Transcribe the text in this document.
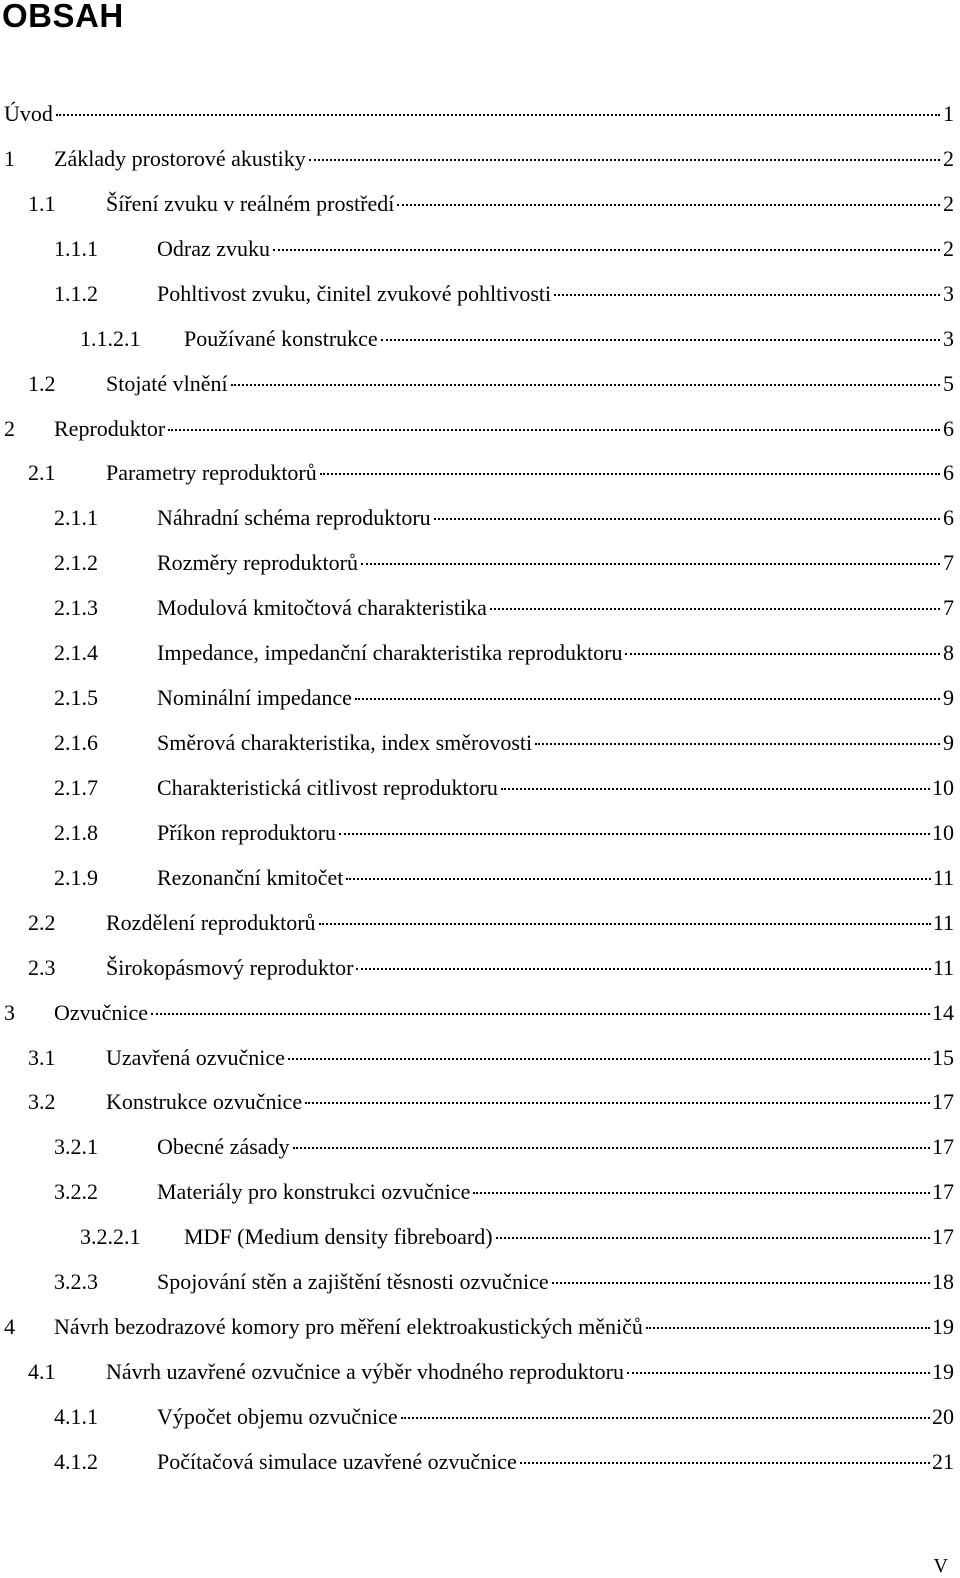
OBSAH
Úvod	1
1	Základy prostorové akustiky	2
1.1	Šíření zvuku v reálném prostředí	2
1.1.1	Odraz zvuku	2
1.1.2	Pohltivost zvuku, činitel zvukové pohltivosti	3
1.1.2.1	Používané konstrukce	3
1.2	Stojaté vlnění	5
2	Reproduktor	6
2.1	Parametry reproduktorů	6
2.1.1	Náhradní schéma reproduktoru	6
2.1.2	Rozměry reproduktorů	7
2.1.3	Modulová kmitočtová charakteristika	7
2.1.4	Impedance, impedanční charakteristika reproduktoru	8
2.1.5	Nominální impedance	9
2.1.6	Směrová charakteristika, index směrovosti	9
2.1.7	Charakteristická citlivost reproduktoru	10
2.1.8	Příkon reproduktoru	10
2.1.9	Rezonanční kmitočet	11
2.2	Rozdělení reproduktorů	11
2.3	Širokopásmový reproduktor	11
3	Ozvučnice	14
3.1	Uzavřená ozvučnice	15
3.2	Konstrukce ozvučnice	17
3.2.1	Obecné zásady	17
3.2.2	Materiály pro konstrukci ozvučnice	17
3.2.2.1	MDF (Medium density fibreboard)	17
3.2.3	Spojování stěn a zajištění těsnosti ozvučnice	18
4	Návrh bezodrazové komory pro měření elektroakustických měničů	19
4.1	Návrh uzavřené ozvučnice a výběr vhodného reproduktoru	19
4.1.1	Výpočet objemu ozvučnice	20
4.1.2	Počítačová simulace uzavřené ozvučnice	21
V
